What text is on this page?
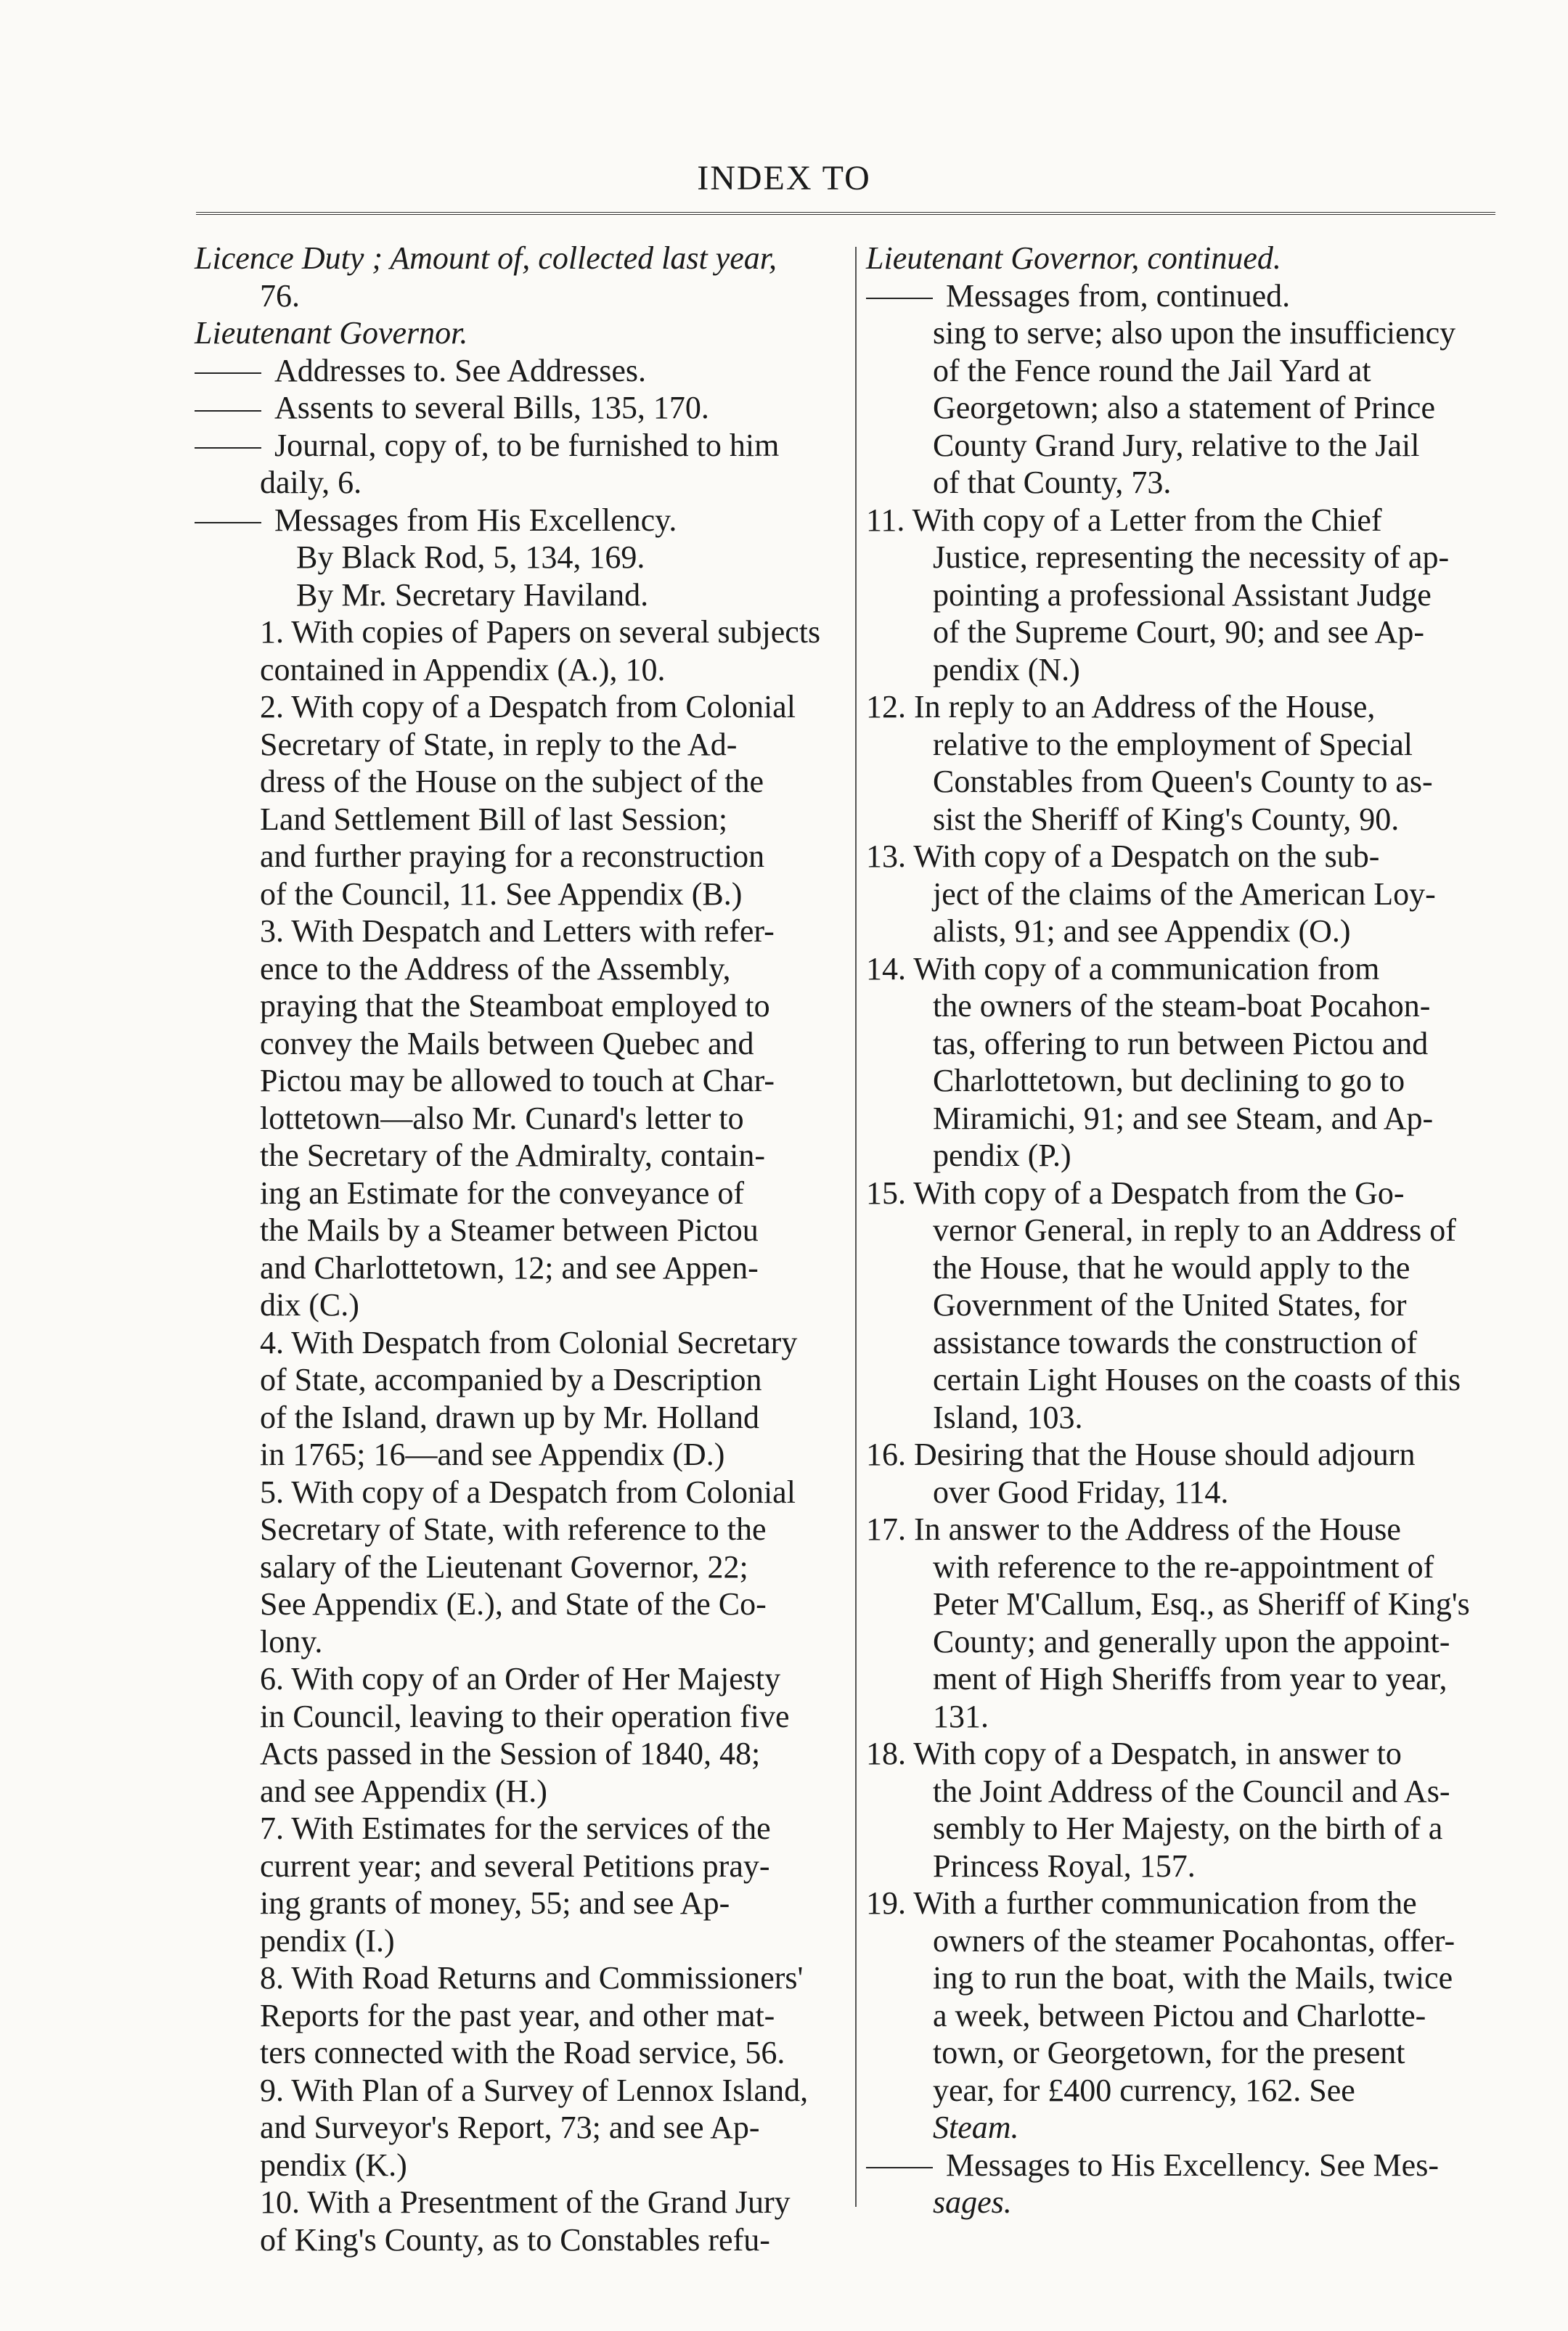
INDEX TO
Licence Duty ; Amount of, collected last year,
76.
Lieutenant Governor.
Addresses to. See Addresses.
Assents to several Bills, 135, 170.
Journal, copy of, to be furnished to him
daily, 6.
Messages from His Excellency.
By Black Rod, 5, 134, 169.
By Mr. Secretary Haviland.
1. With copies of Papers on several subjects
contained in Appendix (A.), 10.
2. With copy of a Despatch from Colonial
Secretary of State, in reply to the Ad-
dress of the House on the subject of the
Land Settlement Bill of last Session;
and further praying for a reconstruction
of the Council, 11. See Appendix (B.)
3. With Despatch and Letters with refer-
ence to the Address of the Assembly,
praying that the Steamboat employed to
convey the Mails between Quebec and
Pictou may be allowed to touch at Char-
lottetown—also Mr. Cunard's letter to
the Secretary of the Admiralty, contain-
ing an Estimate for the conveyance of
the Mails by a Steamer between Pictou
and Charlottetown, 12; and see Appen-
dix (C.)
4. With Despatch from Colonial Secretary
of State, accompanied by a Description
of the Island, drawn up by Mr. Holland
in 1765; 16—and see Appendix (D.)
5. With copy of a Despatch from Colonial
Secretary of State, with reference to the
salary of the Lieutenant Governor, 22;
See Appendix (E.), and State of the Co-
lony.
6. With copy of an Order of Her Majesty
in Council, leaving to their operation five
Acts passed in the Session of 1840, 48;
and see Appendix (H.)
7. With Estimates for the services of the
current year; and several Petitions pray-
ing grants of money, 55; and see Ap-
pendix (I.)
8. With Road Returns and Commissioners'
Reports for the past year, and other mat-
ters connected with the Road service, 56.
9. With Plan of a Survey of Lennox Island,
and Surveyor's Report, 73; and see Ap-
pendix (K.)
10. With a Presentment of the Grand Jury
of King's County, as to Constables refu-
Lieutenant Governor, continued.
Messages from, continued.
sing to serve; also upon the insufficiency
of the Fence round the Jail Yard at
Georgetown; also a statement of Prince
County Grand Jury, relative to the Jail
of that County, 73.
11. With copy of a Letter from the Chief
Justice, representing the necessity of ap-
pointing a professional Assistant Judge
of the Supreme Court, 90; and see Ap-
pendix (N.)
12. In reply to an Address of the House,
relative to the employment of Special
Constables from Queen's County to as-
sist the Sheriff of King's County, 90.
13. With copy of a Despatch on the sub-
ject of the claims of the American Loy-
alists, 91; and see Appendix (O.)
14. With copy of a communication from
the owners of the steam-boat Pocahon-
tas, offering to run between Pictou and
Charlottetown, but declining to go to
Miramichi, 91; and see Steam, and Ap-
pendix (P.)
15. With copy of a Despatch from the Go-
vernor General, in reply to an Address of
the House, that he would apply to the
Government of the United States, for
assistance towards the construction of
certain Light Houses on the coasts of this
Island, 103.
16. Desiring that the House should adjourn
over Good Friday, 114.
17. In answer to the Address of the House
with reference to the re-appointment of
Peter M'Callum, Esq., as Sheriff of King's
County; and generally upon the appoint-
ment of High Sheriffs from year to year,
131.
18. With copy of a Despatch, in answer to
the Joint Address of the Council and As-
sembly to Her Majesty, on the birth of a
Princess Royal, 157.
19. With a further communication from the
owners of the steamer Pocahontas, offer-
ing to run the boat, with the Mails, twice
a week, between Pictou and Charlotte-
town, or Georgetown, for the present
year, for £400 currency, 162. See
Steam.
Messages to His Excellency. See Mes-
sages.
